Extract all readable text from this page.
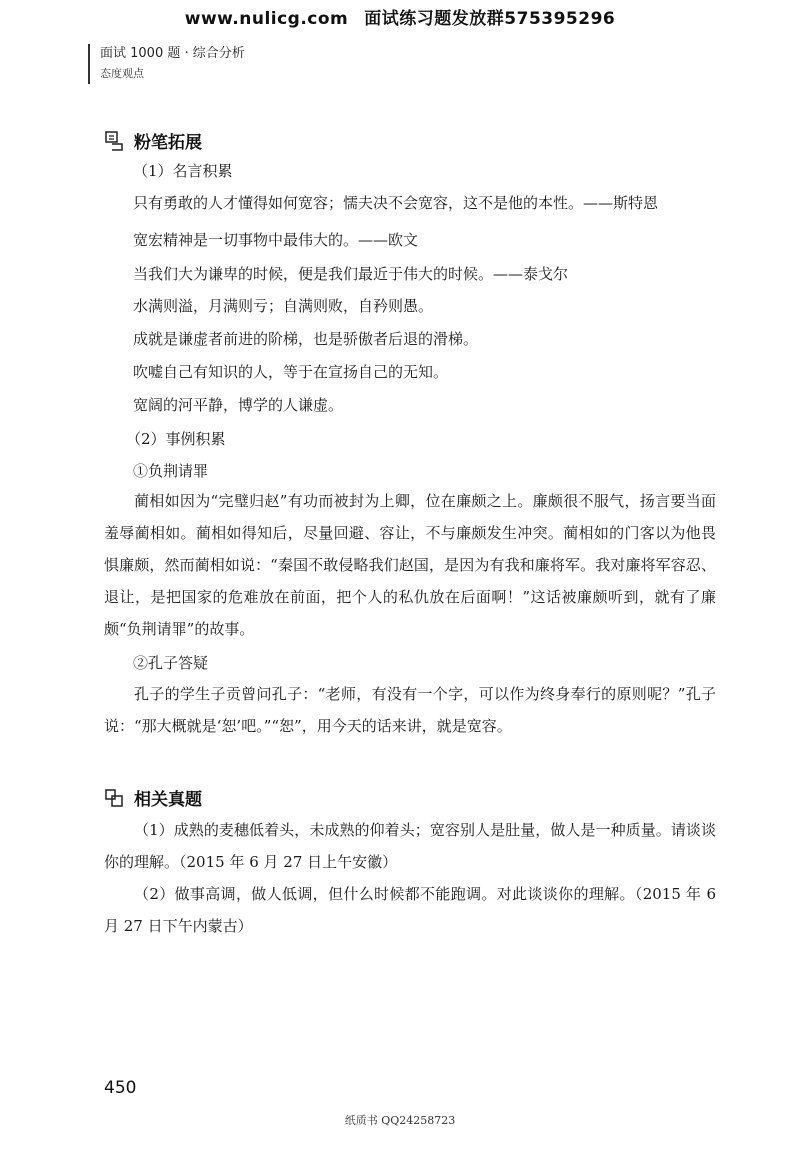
www.nulicg.com 面试练习题发放群575395296
面试 1000 题 · 综合分析
态度观点
粉笔拓展
（1）名言积累
只有勇敢的人才懂得如何宽容；懦夫决不会宽容，这不是他的本性。——斯特恩
宽宏精神是一切事物中最伟大的。——欧文
当我们大为谦卑的时候，便是我们最近于伟大的时候。——泰戈尔
水满则溢，月满则亏；自满则败，自矜则愚。
成就是谦虚者前进的阶梯，也是骄傲者后退的滑梯。
吹嘘自己有知识的人，等于在宣扬自己的无知。
宽阔的河平静，博学的人谦虚。
（2）事例积累
①负荆请罪
蔺相如因为“完璧归赵”有功而被封为上卿，位在廉颇之上。廉颇很不服气，扬言要当面羞辱蔺相如。蔺相如得知后，尽量回避、容让，不与廉颇发生冲突。蔺相如的门客以为他畏惧廉颇，然而蔺相如说：“秦国不敢侵略我们赵国，是因为有我和廉将军。我对廉将军容忍、退让，是把国家的危难放在前面，把个人的私仇放在后面啊！”这话被廉颇听到，就有了廉颇“负荆请罪”的故事。
②孔子答疑
孔子的学生子贡曾问孔子：“老师，有没有一个字，可以作为终身奉行的原则呢？”孔子说：“那大概就是‘恕’吧。”“恕”，用今天的话来讲，就是宽容。
相关真题
（1）成熟的麦穗低着头，未成熟的仰着头；宽容别人是肚量，做人是一种质量。请谈谈你的理解。（2015 年 6 月 27 日上午安徽）
（2）做事高调，做人低调，但什么时候都不能跑调。对此谈谈你的理解。（2015 年 6 月 27 日下午内蒙古）
450
纸质书 QQ24258723
